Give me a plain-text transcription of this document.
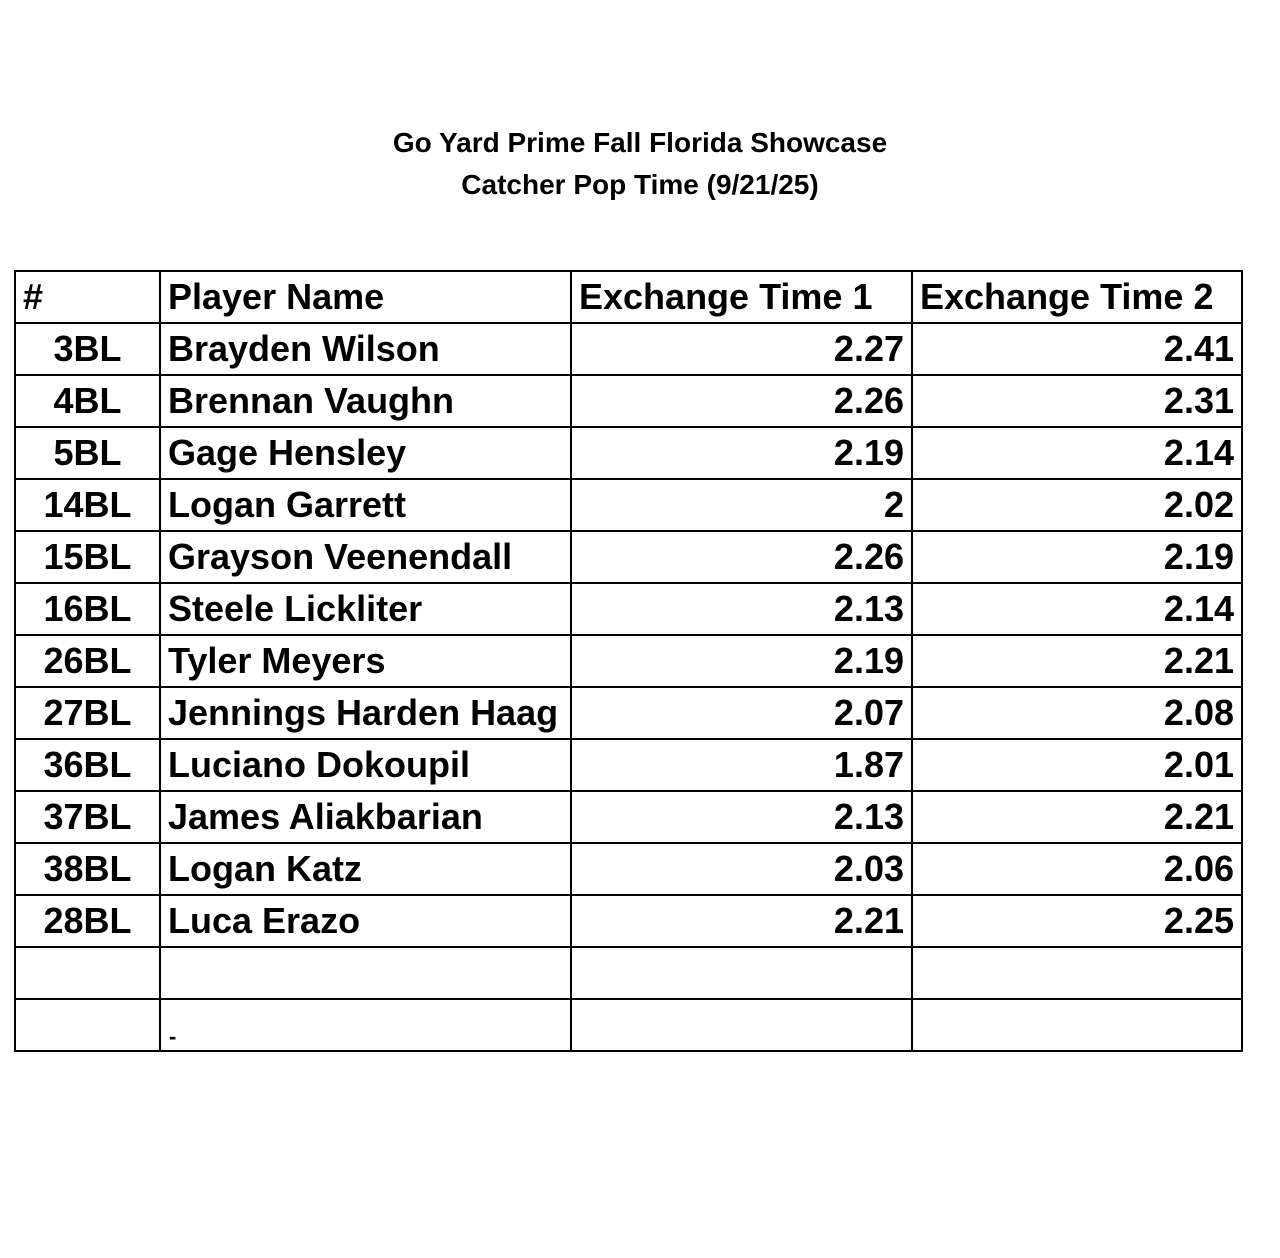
Go Yard Prime Fall Florida Showcase
Catcher Pop Time (9/21/25)
#	Player Name	Exchange Time 1	Exchange Time 2
3BL	Brayden Wilson	2.27	2.41
4BL	Brennan Vaughn	2.26	2.31
5BL	Gage Hensley	2.19	2.14
14BL	Logan Garrett	2	2.02
15BL	Grayson Veenendall	2.26	2.19
16BL	Steele Lickliter	2.13	2.14
26BL	Tyler Meyers	2.19	2.21
27BL	Jennings Harden Haag	2.07	2.08
36BL	Luciano Dokoupil	1.87	2.01
37BL	James Aliakbarian	2.13	2.21
38BL	Logan Katz	2.03	2.06
28BL	Luca Erazo	2.21	2.25

	-		
